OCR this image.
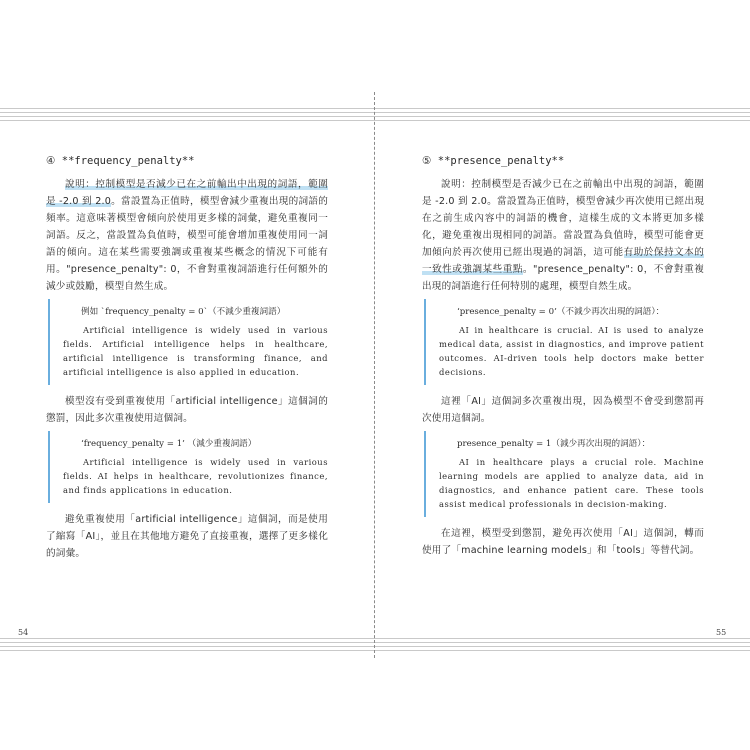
④ **frequency_penalty**

說明：控制模型是否減少已在之前輸出中出現的詞語，範圍是 -2.0 到 2.0。當設置為正值時，模型會減少重複出現的詞語的頻率。這意味著模型會傾向於使用更多樣的詞彙，避免重複同一詞語。反之，當設置為負值時，模型可能會增加重複使用同一詞語的傾向。這在某些需要強調或重複某些概念的情況下可能有用。"presence_penalty": 0，不會對重複詞語進行任何額外的減少或鼓勵，模型自然生成。

例如 `frequency_penalty = 0`（不減少重複詞語）

Artificial intelligence is widely used in various fields. Artificial intelligence helps in healthcare, artificial intelligence is transforming finance, and artificial intelligence is also applied in education.

模型沒有受到重複使用「artificial intelligence」這個詞的懲罰，因此多次重複使用這個詞。

‘frequency_penalty = 1’ （減少重複詞語）

Artificial intelligence is widely used in various fields. AI helps in healthcare, revolutionizes finance, and finds applications in education.

避免重複使用「artificial intelligence」這個詞，而是使用了縮寫「AI」，並且在其他地方避免了直接重複，選擇了更多樣化的詞彙。

⑤ **presence_penalty**

說明：控制模型是否減少已在之前輸出中出現的詞語，範圍是 -2.0 到 2.0。當設置為正值時，模型會減少再次使用已經出現在之前生成內容中的詞語的機會，這樣生成的文本將更加多樣化，避免重複出現相同的詞語。當設置為負值時，模型可能會更加傾向於再次使用已經出現過的詞語，這可能有助於保持文本的一致性或強調某些重點。"presence_penalty": 0，不會對重複出現的詞語進行任何特別的處理，模型自然生成。

‘presence_penalty = 0’（不減少再次出現的詞語）：

AI in healthcare is crucial. AI is used to analyze medical data, assist in diagnostics, and improve patient outcomes. AI-driven tools help doctors make better decisions.

這裡「AI」這個詞多次重複出現，因為模型不會受到懲罰再次使用這個詞。

presence_penalty = 1（減少再次出現的詞語）：

AI in healthcare plays a crucial role. Machine learning models are applied to analyze data, aid in diagnostics, and enhance patient care. These tools assist medical professionals in decision-making.

在這裡，模型受到懲罰，避免再次使用「AI」這個詞，轉而使用了「machine learning models」和「tools」等替代詞。

54	55
